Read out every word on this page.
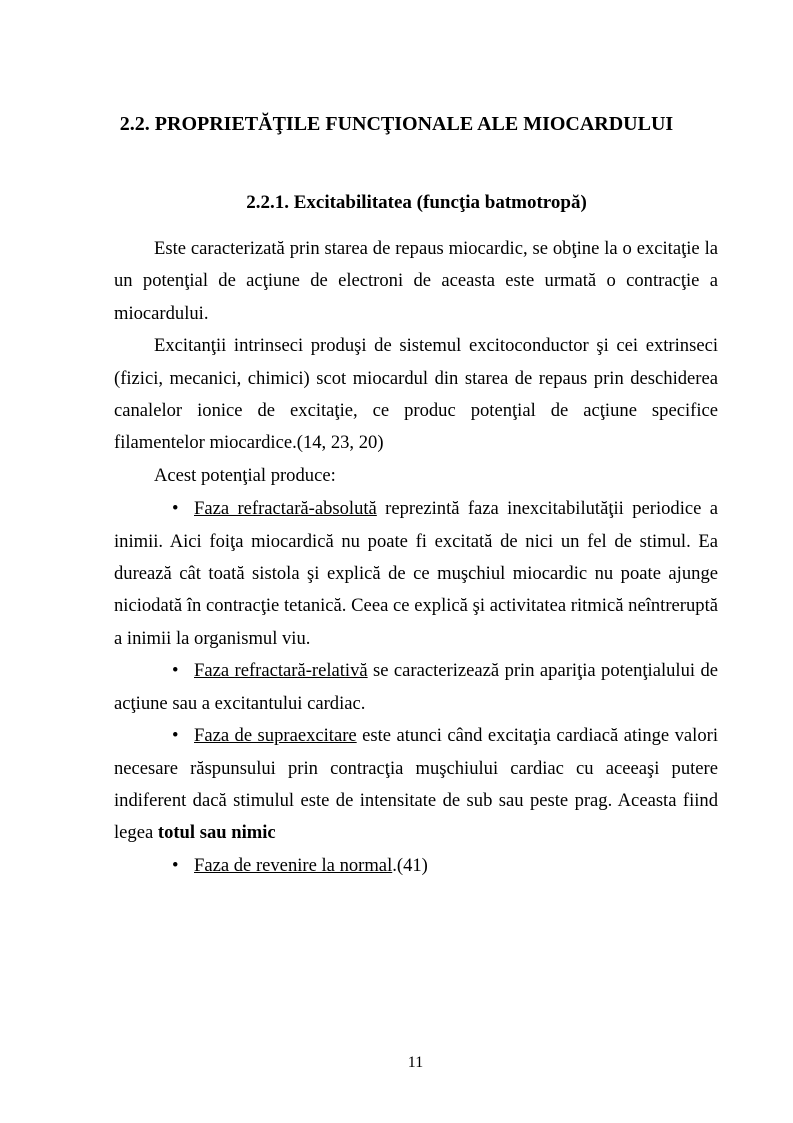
2.2. PROPRIETĂŢILE FUNCŢIONALE ALE MIOCARDULUI
2.2.1. Excitabilitatea (funcţia batmotropă)

Este caracterizată prin starea de repaus miocardic, se obţine la o excitaţie la un potenţial de acţiune de electroni de aceasta este urmată o contracţie a miocardului.

Excitanţii intrinseci produşi de sistemul excitoconductor şi cei extrinseci (fizici, mecanici, chimici) scot miocardul din starea de repaus prin deschiderea canalelor ionice de excitaţie, ce produc potenţial de acţiune specifice filamentelor miocardice.(14, 23, 20)

Acest potenţial produce:

• Faza refractară-absolută reprezintă faza inexcitabilutăţii periodice a inimii. Aici foiţa miocardică nu poate fi excitată de nici un fel de stimul. Ea durează cât toată sistola şi explică de ce muşchiul miocardic nu poate ajunge niciodată în contracţie tetanică. Ceea ce explică şi activitatea ritmică neîntreruptă a inimii la organismul viu.

• Faza refractară-relativă se caracterizează prin apariţia potenţialului de acţiune sau a excitantului cardiac.

• Faza de supraexcitare este atunci când excitaţia cardiacă atinge valori necesare răspunsului prin contracţia muşchiului cardiac cu aceeaşi putere indiferent dacă stimulul este de intensitate de sub sau peste prag. Aceasta fiind legea totul sau nimic

• Faza de revenire la normal.(41)

11
